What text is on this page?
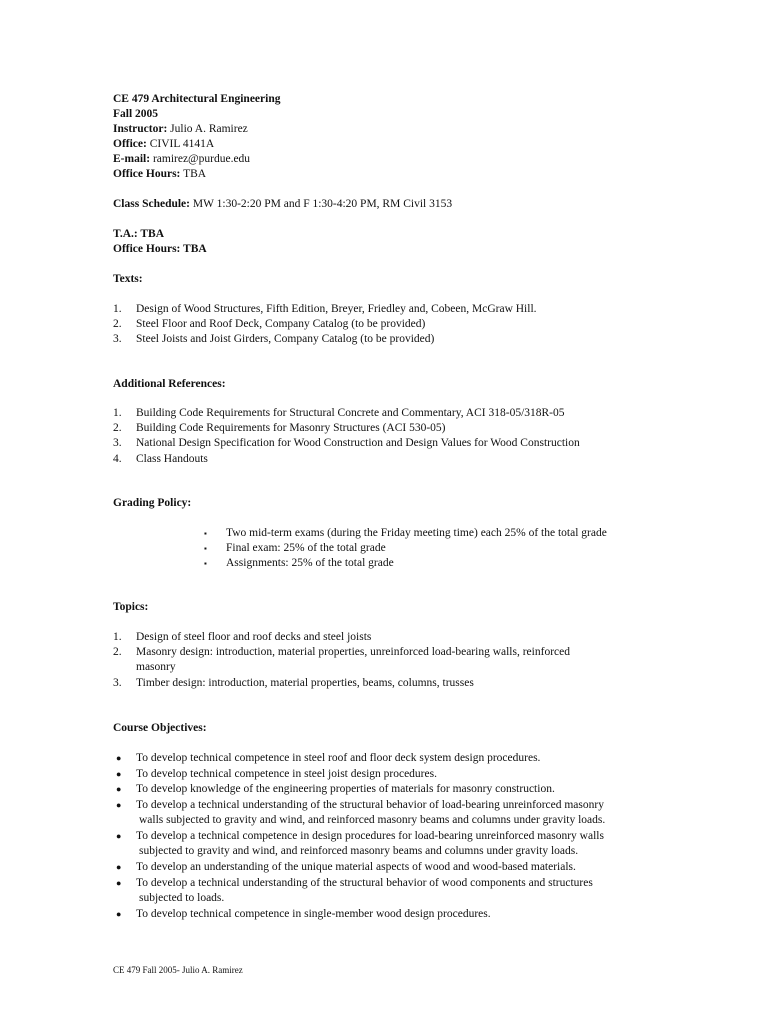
CE 479 Architectural Engineering
Fall 2005
Instructor: Julio A. Ramirez
Office: CIVIL 4141A
E-mail: ramirez@purdue.edu
Office Hours: TBA
Class Schedule: MW 1:30-2:20 PM and F 1:30-4:20 PM, RM Civil 3153
T.A.: TBA
Office Hours: TBA
Texts:
1. Design of Wood Structures, Fifth Edition, Breyer, Friedley and, Cobeen, McGraw Hill.
2. Steel Floor and Roof Deck, Company Catalog (to be provided)
3. Steel Joists and Joist Girders, Company Catalog (to be provided)
Additional References:
1. Building Code Requirements for Structural Concrete and Commentary, ACI 318-05/318R-05
2. Building Code Requirements for Masonry Structures (ACI 530-05)
3. National Design Specification for Wood Construction and Design Values for Wood Construction
4. Class Handouts
Grading Policy:
▪ Two mid-term exams (during the Friday meeting time) each 25% of the total grade
▪ Final exam: 25% of the total grade
▪ Assignments: 25% of the total grade
Topics:
1. Design of steel floor and roof decks and steel joists
2. Masonry design: introduction, material properties, unreinforced load-bearing walls, reinforced
masonry
3. Timber design: introduction, material properties, beams, columns, trusses
Course Objectives:
● To develop technical competence in steel roof and floor deck system design procedures.
● To develop technical competence in steel joist design procedures.
● To develop knowledge of the engineering properties of materials for masonry construction.
● To develop a technical understanding of the structural behavior of load-bearing unreinforced masonry
walls subjected to gravity and wind, and reinforced masonry beams and columns under gravity loads.
● To develop a technical competence in design procedures for load-bearing unreinforced masonry walls
subjected to gravity and wind, and reinforced masonry beams and columns under gravity loads.
● To develop an understanding of the unique material aspects of wood and wood-based materials.
● To develop a technical understanding of the structural behavior of wood components and structures
subjected to loads.
● To develop technical competence in single-member wood design procedures.
CE 479 Fall 2005- Julio A. Ramirez
